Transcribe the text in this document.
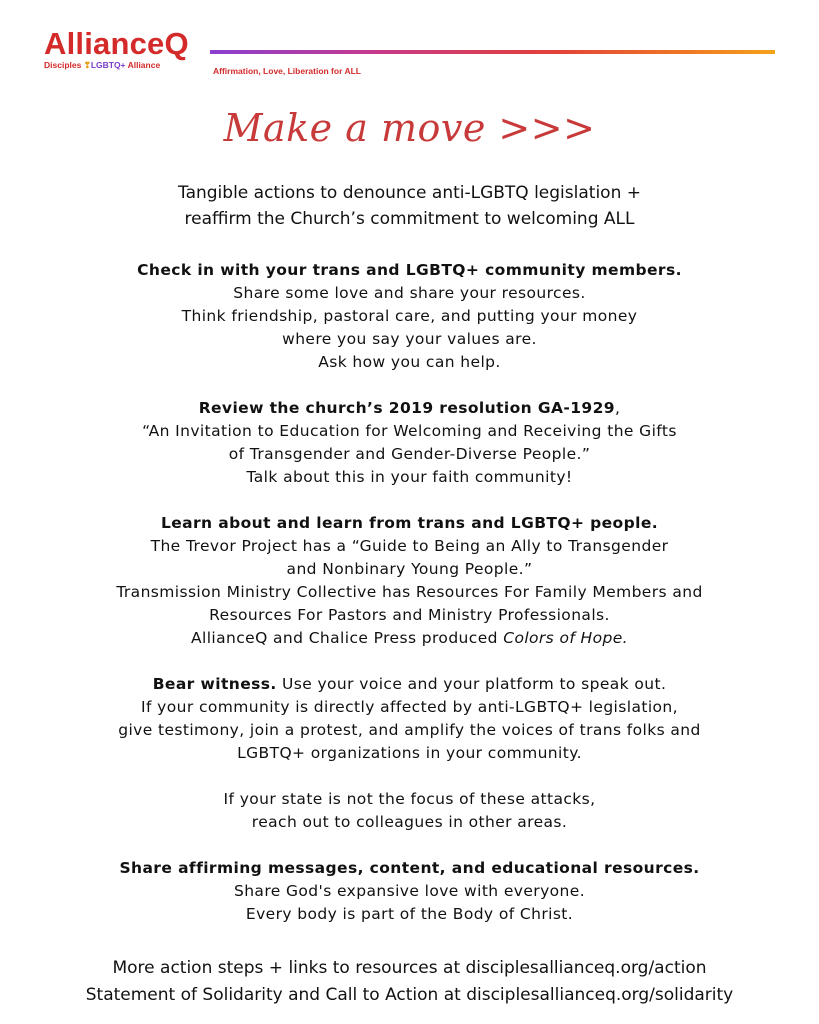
AllianceQ
Disciples ❣LGBTQ+ Alliance
Affirmation, Love, Liberation for ALL
Make a move >>>
Tangible actions to denounce anti-LGBTQ legislation +
reaffirm the Church’s commitment to welcoming ALL
Check in with your trans and LGBTQ+ community members.
Share some love and share your resources.
Think friendship, pastoral care, and putting your money
where you say your values are.
Ask how you can help.
Review the church’s 2019 resolution GA-1929,
“An Invitation to Education for Welcoming and Receiving the Gifts
of Transgender and Gender-Diverse People.”
Talk about this in your faith community!
Learn about and learn from trans and LGBTQ+ people.
The Trevor Project has a “Guide to Being an Ally to Transgender
and Nonbinary Young People.”
Transmission Ministry Collective has Resources For Family Members and
Resources For Pastors and Ministry Professionals.
AllianceQ and Chalice Press produced Colors of Hope.
Bear witness. Use your voice and your platform to speak out.
If your community is directly affected by anti-LGBTQ+ legislation,
give testimony, join a protest, and amplify the voices of trans folks and
LGBTQ+ organizations in your community.
If your state is not the focus of these attacks,
reach out to colleagues in other areas.
Share affirming messages, content, and educational resources.
Share God's expansive love with everyone.
Every body is part of the Body of Christ.
More action steps + links to resources at disciplesallianceq.org/action
Statement of Solidarity and Call to Action at disciplesallianceq.org/solidarity
